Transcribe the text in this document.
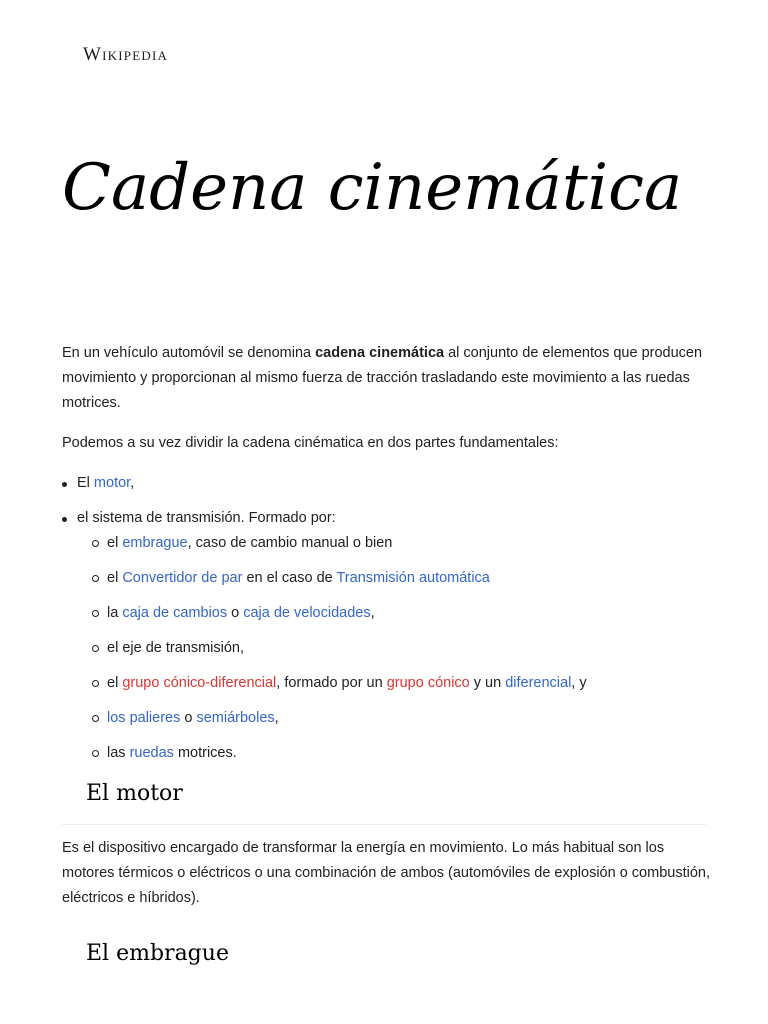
Wikipedia
Cadena cinemática

En un vehículo automóvil se denomina cadena cinemática al conjunto de elementos que producen movimiento y proporcionan al mismo fuerza de tracción trasladando este movimiento a las ruedas motrices.

Podemos a su vez dividir la cadena cinématica en dos partes fundamentales:

El motor,
el sistema de transmisión. Formado por:
el embrague, caso de cambio manual o bien
el Convertidor de par en el caso de Transmisión automática
la caja de cambios o caja de velocidades,
el eje de transmisión,
el grupo cónico-diferencial, formado por un grupo cónico y un diferencial, y
los palieres o semiárboles,
las ruedas motrices.
El motor

Es el dispositivo encargado de transformar la energía en movimiento. Lo más habitual son los motores térmicos o eléctricos o una combinación de ambos (automóviles de explosión o combustión, eléctricos e híbridos).

El embrague
